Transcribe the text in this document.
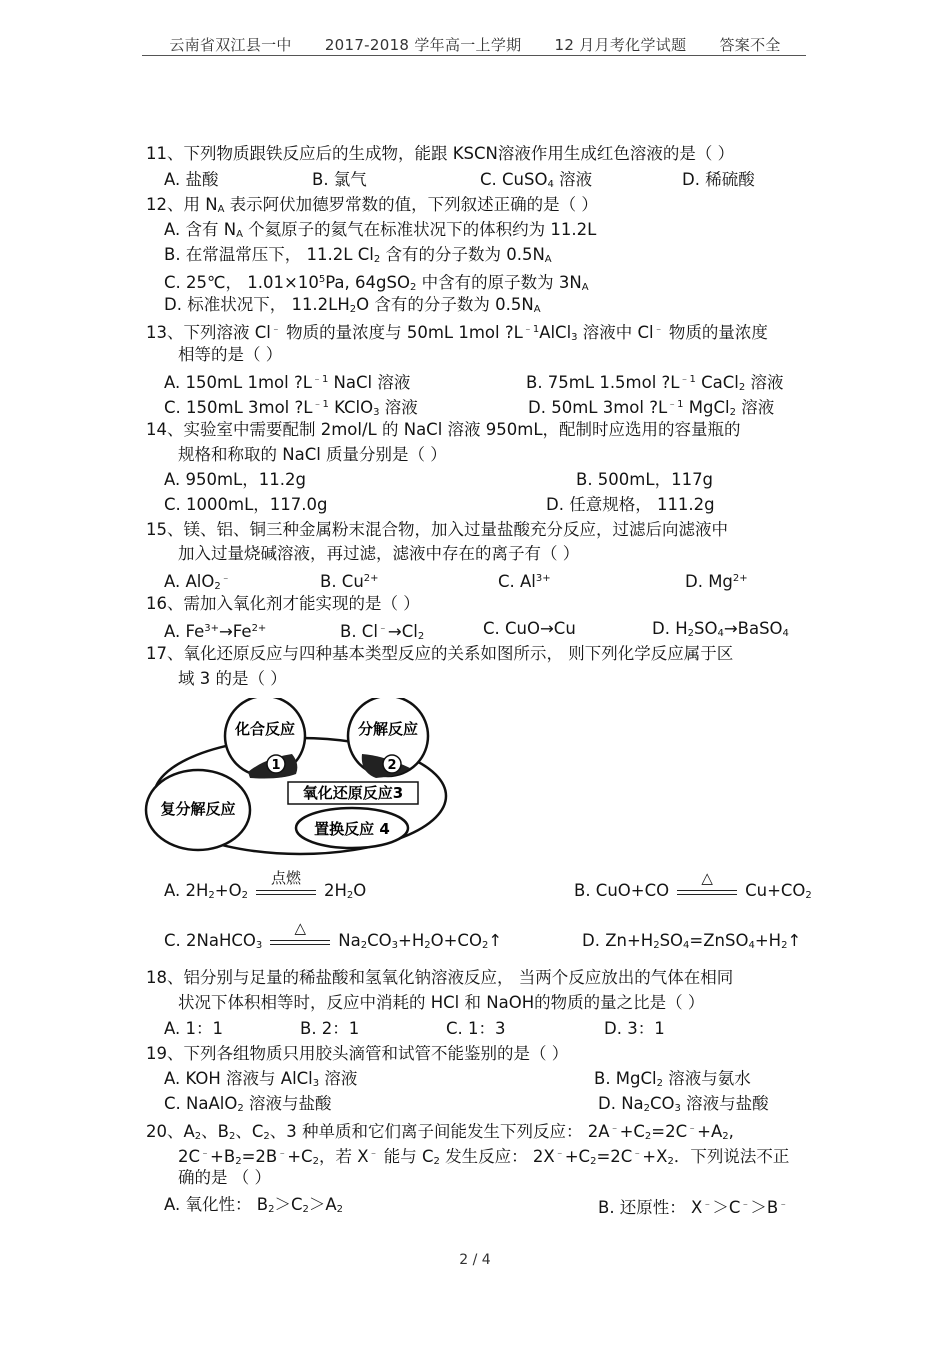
云南省双江县一中 2017-2018 学年高一上学期 12 月月考化学试题 答案不全
11、下列物质跟铁反应后的生成物，能跟 KSCN溶液作用生成红色溶液的是（ ）
A. 盐酸	B. 氯气	C. CuSO$_4$ 溶液	D. 稀硫酸
12、用 $N_A$ 表示阿伏加德罗常数的值，下列叙述正确的是（ ）
A. 含有 $N_A$ 个氦原子的氦气在标准状况下的体积约为 11.2L
B. 在常温常压下， 11.2L $Cl_2$ 含有的分子数为 $0.5N_A$
C. 25℃， $1.01\times 10^5Pa$, 64gSO$_2$ 中含有的原子数为 $3N_A$
D. 标准状况下， $11.2LH_2O$ 含有的分子数为 $0.5N_A$
13、下列溶液 Cl﹣ 物质的量浓度与 50mL 1mol $?L^{﹣1}AlCl_3$ 溶液中 Cl﹣ 物质的量浓度
相等的是（ ）
A. 150mL 1mol $?L^{﹣1}$ NaCl 溶液	B. 75mL 1.5mol $?L^{﹣1}$ CaCl$_2$ 溶液
C. 150mL 3mol $?L^{﹣1}$ KClO$_3$ 溶液	D. 50mL 3mol $?L^{﹣1}$ MgCl$_2$ 溶液
14、实验室中需要配制 2mol/L 的 NaCl 溶液 950mL，配制时应选用的容量瓶的
规格和称取的 NaCl 质量分别是（ ）
A. 950mL，11.2g	B. 500mL，117g
C. 1000mL，117.0g	D. 任意规格， 111.2g
15、镁、铝、铜三种金属粉末混合物，加入过量盐酸充分反应，过滤后向滤液中
加入过量烧碱溶液，再过滤，滤液中存在的离子有（ ）
A. AlO$_2$﹣	B. $Cu^{2+}$	C. $Al^{3+}$	D. $Mg^{2+}$
16、需加入氧化剂才能实现的是（ ）
A. $Fe^{3+}\to Fe^{2+}$	B. $Cl^﹣\to Cl_2$	C. CuO→Cu	D. $H_2SO_4\to BaSO_4$
17、氧化还原反应与四种基本类型反应的关系如图所示， 则下列化学反应属于区
域 3 的是（ ）
1	2
化合反应	分解反应
复分解反应
氧化还原反应3
置换反应 4
A. $2H_2+O_2$
点燃
$2H_2O$	B. CuO+CO
△
$Cu+CO_2$
C. 2NaHCO$_3$
△
$Na_2CO_3+H_2O+CO_2↑$	D. $Zn+H_2SO_4=ZnSO_4+H_2↑$
18、铝分别与足量的稀盐酸和氢氧化钠溶液反应， 当两个反应放出的气体在相同
状况下体积相等时，反应中消耗的 HCl 和 NaOH的物质的量之比是（ ）
A. 1：1	B. 2：1	C. 1：3	D. 3：1
19、下列各组物质只用胶头滴管和试管不能鉴别的是（ ）
A. KOH 溶液与 AlCl$_3$ 溶液	B. MgCl$_2$ 溶液与氨水
C. NaAlO$_2$ 溶液与盐酸	D. $Na_2CO_3$ 溶液与盐酸
20、$A_2$、$B_2$、$C_2$、3 种单质和它们离子间能发生下列反应： $2A^﹣+C_2=2C^﹣+A_2$,
$2C^﹣+B_2=2B^﹣+C_2$，若 X﹣ 能与 $C_2$ 发生反应： $2X^﹣+C_2=2C^﹣+X_2$．下列说法不正
确的是 （ ）
A. 氧化性： $B_2>C_2>A_2$	B. 还原性： X﹣＞C﹣＞B﹣
2 / 4
